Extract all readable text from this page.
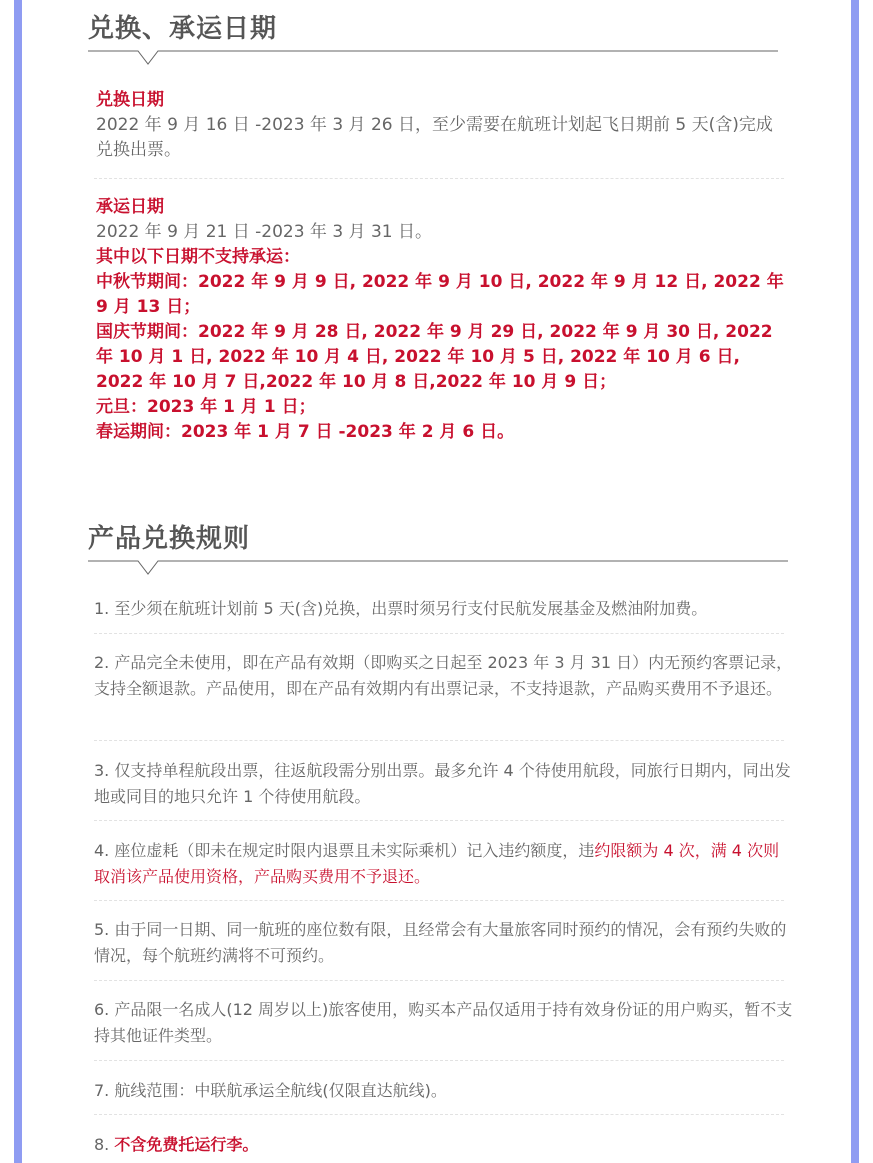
兑换、承运日期
兑换日期
2022 年 9 月 16 日 -2023 年 3 月 26 日，至少需要在航班计划起飞日期前 5 天(含)完成兑换出票。
承运日期
2022 年 9 月 21 日 -2023 年 3 月 31 日。
其中以下日期不支持承运：
中秋节期间：2022 年 9 月 9 日, 2022 年 9 月 10 日, 2022 年 9 月 12 日, 2022 年 9 月 13 日；
国庆节期间：2022 年 9 月 28 日, 2022 年 9 月 29 日, 2022 年 9 月 30 日, 2022 年 10 月 1 日, 2022 年 10 月 4 日, 2022 年 10 月 5 日, 2022 年 10 月 6 日, 2022 年 10 月 7 日,2022 年 10 月 8 日,2022 年 10 月 9 日；
元旦：2023 年 1 月 1 日；
春运期间：2023 年 1 月 7 日 -2023 年 2 月 6 日。
产品兑换规则
1. 至少须在航班计划前 5 天(含)兑换，出票时须另行支付民航发展基金及燃油附加费。
2. 产品完全未使用，即在产品有效期（即购买之日起至 2023 年 3 月 31 日）内无预约客票记录，支持全额退款。产品使用，即在产品有效期内有出票记录，不支持退款，产品购买费用不予退还。
3. 仅支持单程航段出票，往返航段需分别出票。最多允许 4 个待使用航段，同旅行日期内，同出发地或同目的地只允许 1 个待使用航段。
4. 座位虚耗（即未在规定时限内退票且未实际乘机）记入违约额度，违约限额为 4 次，满 4 次则取消该产品使用资格，产品购买费用不予退还。
5. 由于同一日期、同一航班的座位数有限，且经常会有大量旅客同时预约的情况，会有预约失败的情况，每个航班约满将不可预约。
6. 产品限一名成人(12 周岁以上)旅客使用，购买本产品仅适用于持有效身份证的用户购买，暂不支持其他证件类型。
7. 航线范围：中联航承运全航线(仅限直达航线)。
8. 不含免费托运行李。
